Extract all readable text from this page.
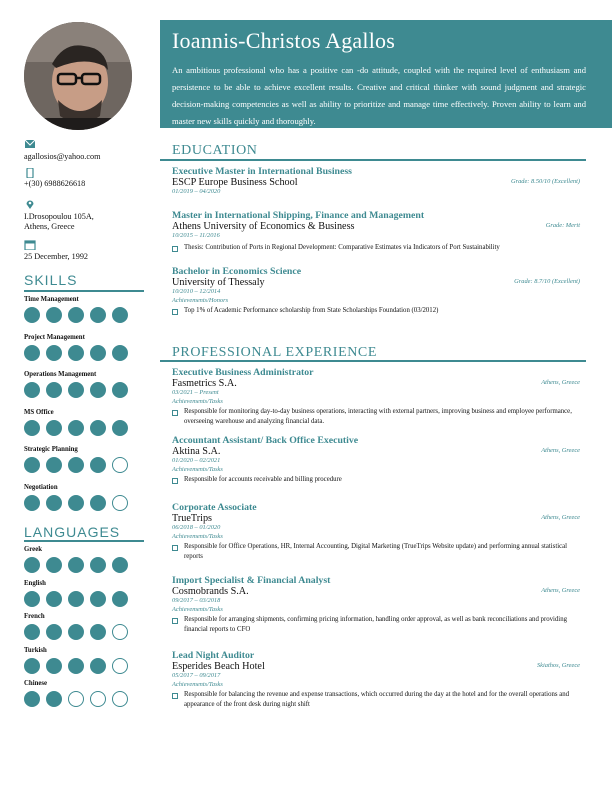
Ioannis-Christos Agallos
An ambitious professional who has a positive can -do attitude, coupled with the required level of enthusiasm and persistence to be able to achieve excellent results. Creative and critical thinker with sound judgment and strategic decision-making competencies as well as ability to prioritize and manage time effectively. Proven ability to learn and master new skills quickly and thoroughly.
agallosios@yahoo.com
+(30) 6988626618
I.Drosopoulou 105A,
Athens, Greece
25 December, 1992
SKILLS
Time Management
Project Management
Operations Management
MS Office
Strategic Planning
Negotiation
LANGUAGES
Greek
English
French
Turkish
Chinese
EDUCATION
Executive Master in International Business
ESCP Europe Business School
01/2019 – 04/2020
Grade: 8.50/10 (Excellent)
Master in International Shipping, Finance and Management
Athens University of Economics & Business
10/2015 – 11/2016
Grade: Merit
Thesis: Contribution of Ports in Regional Development: Comparative Estimates via Indicators of Port Sustainability
Bachelor in Economics Science
University of Thessaly
10/2010 – 12/2014
Grade: 8.7/10 (Excellent)
Achievements/Honors
Top 1% of Academic Performance scholarship from State Scholarships Foundation (03/2012)
PROFESSIONAL EXPERIENCE
Executive Business Administrator
Fasmetrics S.A.
03/2021 – Present
Athens, Greece
Achievements/Tasks
Responsible for monitoring day-to-day business operations, interacting with external partners, improving business and employee performance, overseeing warehouse and analyzing financial data.
Accountant Assistant/ Back Office Executive
Aktina S.A.
01/2020 – 02/2021
Athens, Greece
Achievements/Tasks
Responsible for accounts receivable and billing procedure
Corporate Associate
TrueTrips
06/2018 – 01/2020
Athens, Greece
Achievements/Tasks
Responsible for Office Operations, HR, Internal Accounting, Digital Marketing (TrueTrips Website update) and performing annual statistical reports
Import Specialist & Financial Analyst
Cosmobrands S.A.
09/2017 – 03/2018
Athens, Greece
Achievements/Tasks
Responsible for arranging shipments, confirming pricing information, handling order approval, as well as bank reconciliations and providing financial reports to CFO
Lead Night Auditor
Esperides Beach Hotel
05/2017 – 09/2017
Skiathos, Greece
Achievements/Tasks
Responsible for balancing the revenue and expense transactions, which occurred during the day at the hotel and for the overall operations and appearance of the front desk during night shift
